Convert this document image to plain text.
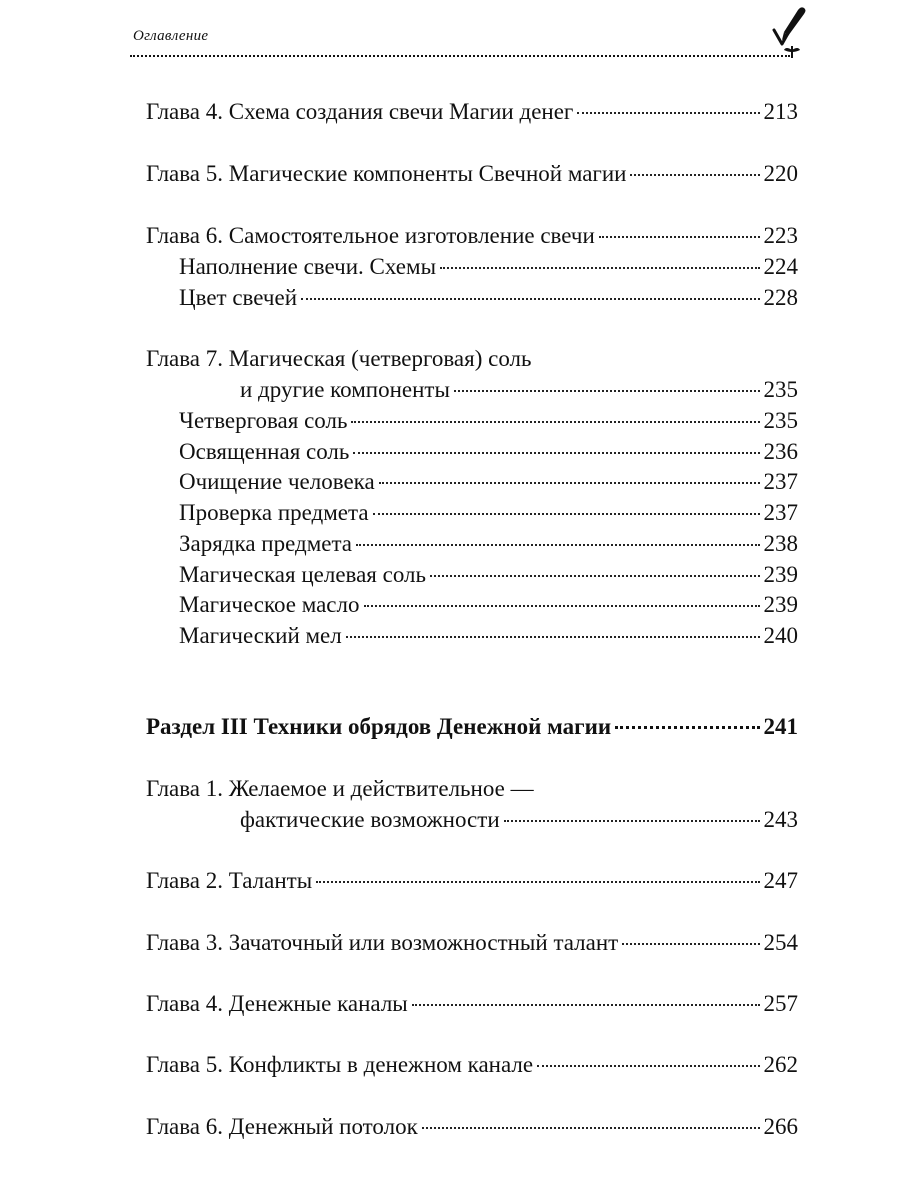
Оглавление
Глава 4. Схема создания свечи Магии денег	213
Глава 5. Магические компоненты Свечной магии	220
Глава 6. Самостоятельное изготовление свечи	223
Наполнение свечи. Схемы	224
Цвет свечей	228
Глава 7. Магическая (четверговая) соль
и другие компоненты	235
Четверговая соль	235
Освященная соль	236
Очищение человека	237
Проверка предмета	237
Зарядка предмета	238
Магическая целевая соль	239
Магическое масло	239
Магический мел	240
Раздел III Техники обрядов Денежной магии	241
Глава 1. Желаемое и действительное —
фактические возможности	243
Глава 2. Таланты	247
Глава 3. Зачаточный или возможностный талант	254
Глава 4. Денежные каналы	257
Глава 5. Конфликты в денежном канале	262
Глава 6. Денежный потолок	266
